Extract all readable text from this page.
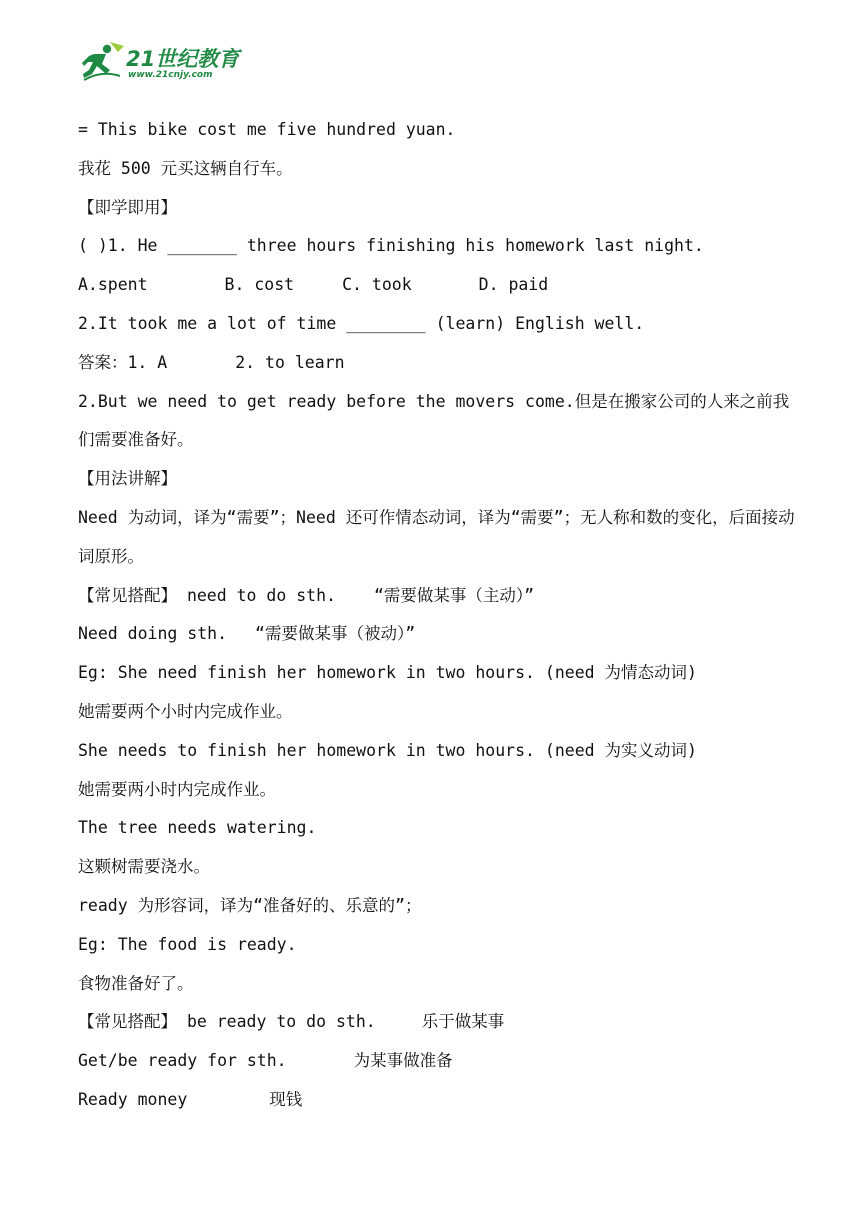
21世纪教育
www.21cnjy.com
= This bike cost me five hundred yuan.
我花 500 元买这辆自行车。
【即学即用】
( )1. He _______ three hours finishing his homework last night.
A.spent	B. cost	C. took	D. paid
2.It took me a lot of time ________ (learn) English well.
答案：1. A	2. to learn
2.But we need to get ready before the movers come.但是在搬家公司的人来之前我们需要准备好。
【用法讲解】
Need 为动词，译为“需要”；Need 还可作情态动词，译为“需要”；无人称和数的变化，后面接动词原形。
【常见搭配】 need to do sth. “需要做某事（主动）”
Need doing sth. “需要做某事（被动）”
Eg: She need finish her homework in two hours. (need 为情态动词)
她需要两个小时内完成作业。
She needs to finish her homework in two hours. (need 为实义动词)
她需要两小时内完成作业。
The tree needs watering.
这颗树需要浇水。
ready 为形容词，译为“准备好的、乐意的”；
Eg: The food is ready.
食物准备好了。
【常见搭配】 be ready to do sth.	乐于做某事
Get/be ready for sth.	为某事做准备
Ready money	现钱
